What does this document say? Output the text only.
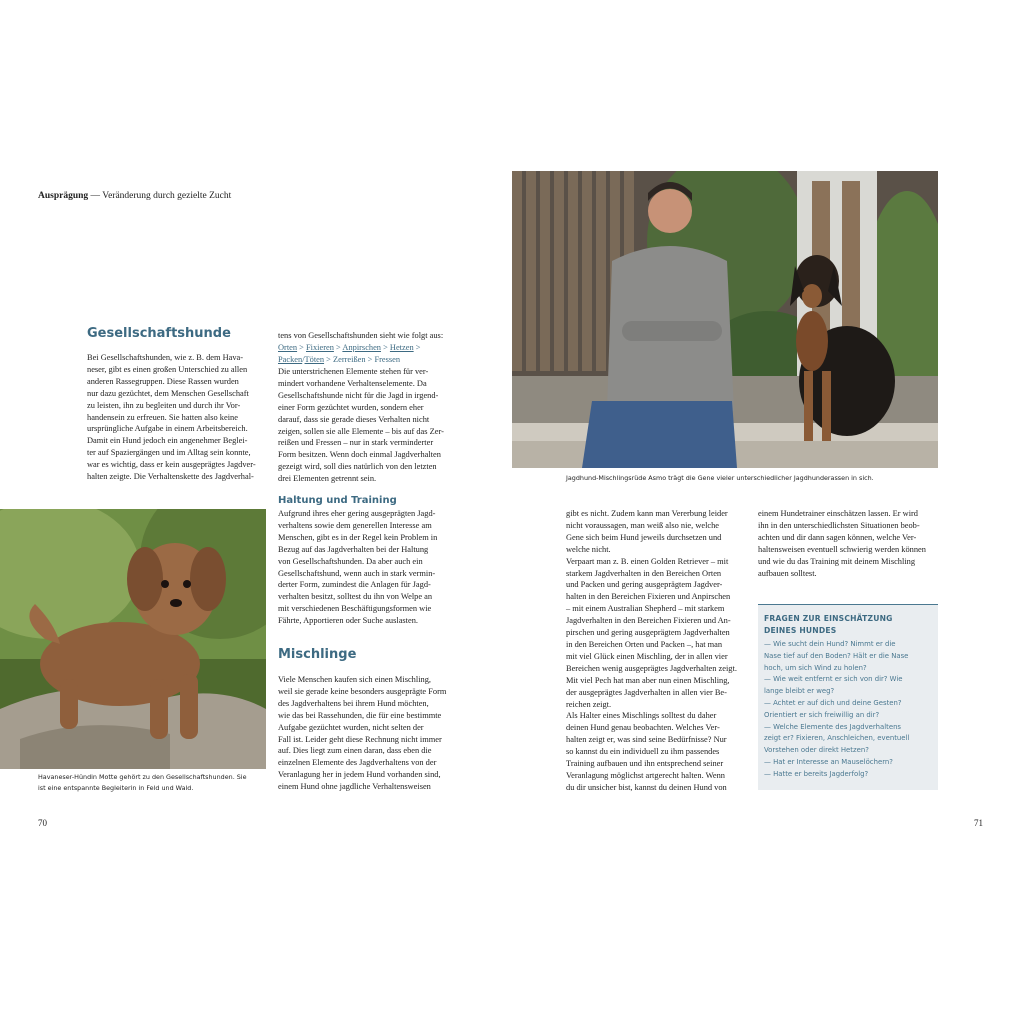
Ausprägung — Veränderung durch gezielte Zucht
Jagdhund-Mischlingsrüde Asmo trägt die Gene vieler unterschiedlicher Jagdhunderassen in sich.
Havaneser-Hündin Motte gehört zu den Gesellschaftshunden. Sie
ist eine entspannte Begleiterin in Feld und Wald.
Gesellschaftshunde
Bei Gesellschaftshunden, wie z. B. dem Hava-
neser, gibt es einen großen Unterschied zu allen
anderen Rassegruppen. Diese Rassen wurden
nur dazu gezüchtet, dem Menschen Gesellschaft
zu leisten, ihn zu begleiten und durch ihr Vor-
handensein zu erfreuen. Sie hatten also keine
ursprüngliche Aufgabe in einem Arbeitsbereich.
Damit ein Hund jedoch ein angenehmer Beglei-
ter auf Spaziergängen und im Alltag sein konnte,
war es wichtig, dass er kein ausgeprägtes Jagdver-
halten zeigte. Die Verhaltenskette des Jagdverhal-
tens von Gesellschaftshunden sieht wie folgt aus:
Orten > Fixieren > Anpirschen > Hetzen >
Packen/Töten > Zerreißen > Fressen
Die unterstrichenen Elemente stehen für ver-
mindert vorhandene Verhaltenselemente. Da
Gesellschaftshunde nicht für die Jagd in irgend-
einer Form gezüchtet wurden, sondern eher
darauf, dass sie gerade dieses Verhalten nicht
zeigen, sollen sie alle Elemente – bis auf das Zer-
reißen und Fressen – nur in stark verminderter
Form besitzen. Wenn doch einmal Jagdverhalten
gezeigt wird, soll dies natürlich von den letzten
drei Elementen getrennt sein.
Haltung und Training
Aufgrund ihres eher gering ausgeprägten Jagd-
verhaltens sowie dem generellen Interesse am
Menschen, gibt es in der Regel kein Problem in
Bezug auf das Jagdverhalten bei der Haltung
von Gesellschaftshunden. Da aber auch ein
Gesellschaftshund, wenn auch in stark vermin-
derter Form, zumindest die Anlagen für Jagd-
verhalten besitzt, solltest du ihn von Welpe an
mit verschiedenen Beschäftigungsformen wie
Fährte, Apportieren oder Suche auslasten.
Mischlinge
Viele Menschen kaufen sich einen Mischling,
weil sie gerade keine besonders ausgeprägte Form
des Jagdverhaltens bei ihrem Hund möchten,
wie das bei Rassehunden, die für eine bestimmte
Aufgabe gezüchtet wurden, nicht selten der
Fall ist. Leider geht diese Rechnung nicht immer
auf. Dies liegt zum einen daran, dass eben die
einzelnen Elemente des Jagdverhaltens von der
Veranlagung her in jedem Hund vorhanden sind,
einem Hund ohne jagdliche Verhaltensweisen
gibt es nicht. Zudem kann man Vererbung leider
nicht voraussagen, man weiß also nie, welche
Gene sich beim Hund jeweils durchsetzen und
welche nicht.
Verpaart man z. B. einen Golden Retriever – mit
starkem Jagdverhalten in den Bereichen Orten
und Packen und gering ausgeprägtem Jagdver-
halten in den Bereichen Fixieren und Anpirschen
– mit einem Australian Shepherd – mit starkem
Jagdverhalten in den Bereichen Fixieren und An-
pirschen und gering ausgeprägtem Jagdverhalten
in den Bereichen Orten und Packen –, hat man
mit viel Glück einen Mischling, der in allen vier
Bereichen wenig ausgeprägtes Jagdverhalten zeigt.
Mit viel Pech hat man aber nun einen Mischling,
der ausgeprägtes Jagdverhalten in allen vier Be-
reichen zeigt.
Als Halter eines Mischlings solltest du daher
deinen Hund genau beobachten. Welches Ver-
halten zeigt er, was sind seine Bedürfnisse? Nur
so kannst du ein individuell zu ihm passendes
Training aufbauen und ihn entsprechend seiner
Veranlagung möglichst artgerecht halten. Wenn
du dir unsicher bist, kannst du deinen Hund von
einem Hundetrainer einschätzen lassen. Er wird
ihn in den unterschiedlichsten Situationen beob-
achten und dir dann sagen können, welche Ver-
haltensweisen eventuell schwierig werden können
und wie du das Training mit deinem Mischling
aufbauen solltest.
FRAGEN ZUR EINSCHÄTZUNG
DEINES HUNDES
— Wie sucht dein Hund? Nimmt er die
Nase tief auf den Boden? Hält er die Nase
hoch, um sich Wind zu holen?
— Wie weit entfernt er sich von dir? Wie
lange bleibt er weg?
— Achtet er auf dich und deine Gesten?
Orientiert er sich freiwillig an dir?
— Welche Elemente des Jagdverhaltens
zeigt er? Fixieren, Anschleichen, eventuell
Vorstehen oder direkt Hetzen?
— Hat er Interesse an Mauselöchern?
— Hatte er bereits Jagderfolg?
70	71
